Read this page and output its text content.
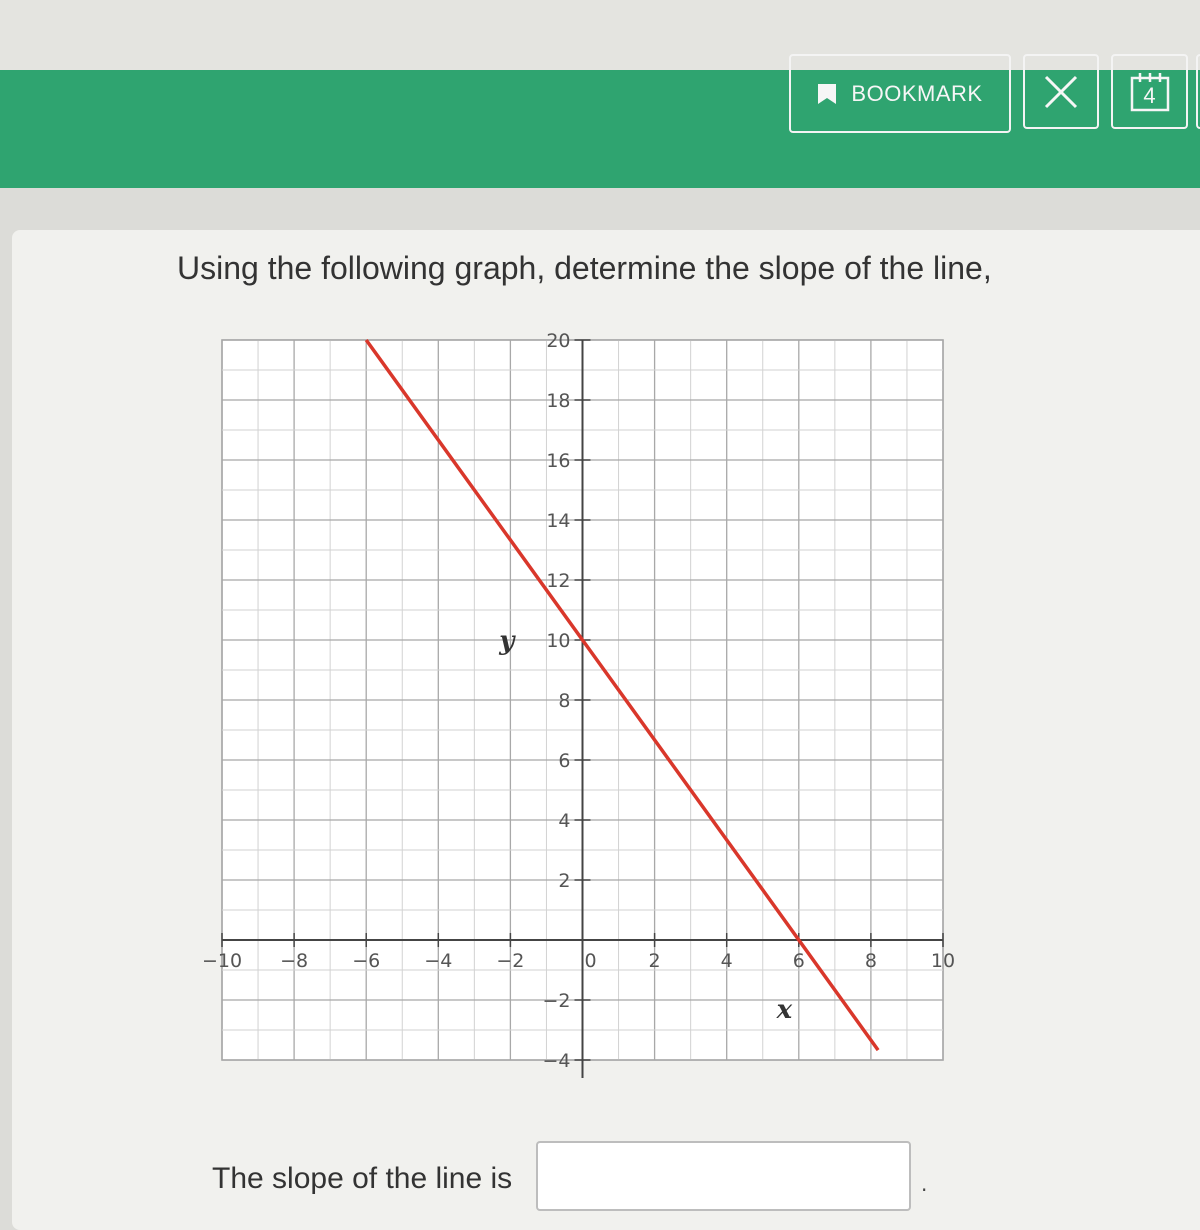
BOOKMARK	4
Using the following graph, determine the slope of the line,
−10 −8 −6 −4 −2	0	2	4	6	8	10
−4
−2
2
4
6
8
10
12
14
16
18
20
x
y
The slope of the line is	.
